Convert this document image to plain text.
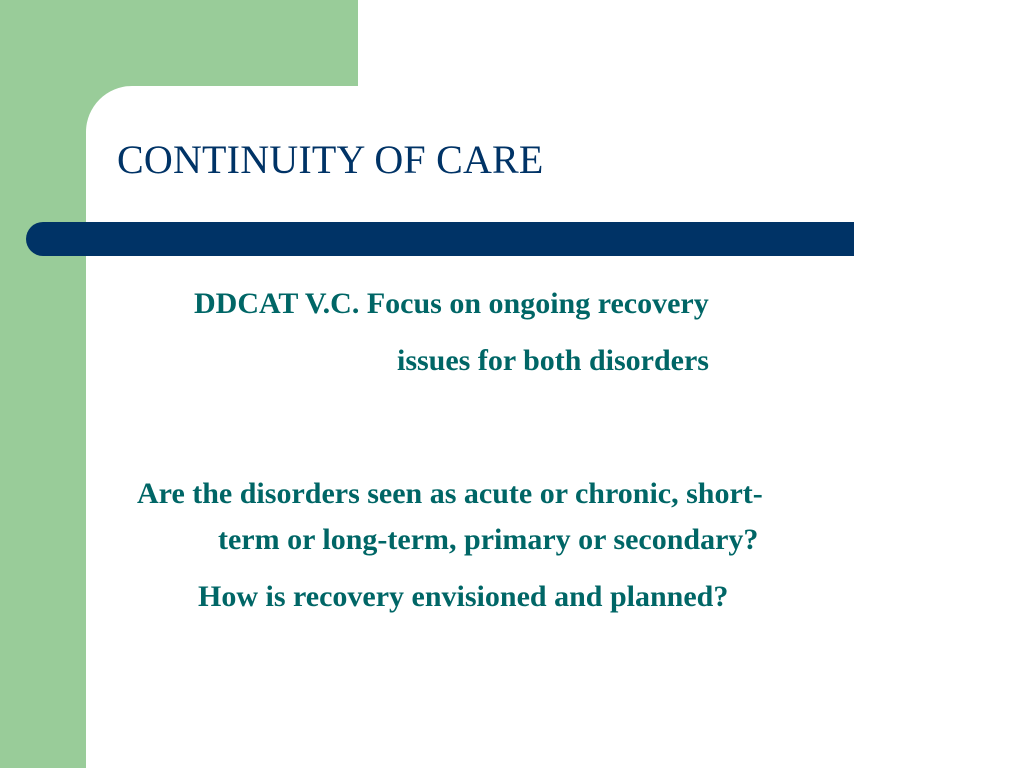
CONTINUITY OF CARE

DDCAT V.C. Focus on ongoing recovery

issues for both disorders

Are the disorders seen as acute or chronic, short-

term or long-term, primary or secondary?

How is recovery envisioned and planned?
